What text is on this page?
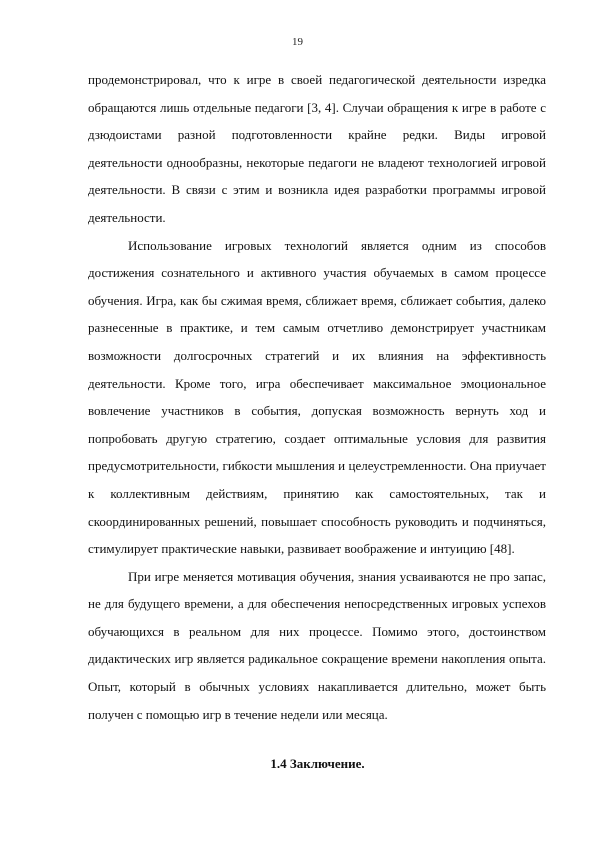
19

продемонстрировал, что к игре в своей педагогической деятельности изредка обращаются лишь отдельные педагоги [3, 4]. Случаи обращения к игре в работе с дзюдоистами разной подготовленности крайне редки. Виды игровой деятельности однообразны, некоторые педагоги не владеют технологией игровой деятельности. В связи с этим и возникла идея разработки программы игровой деятельности.

Использование игровых технологий является одним из способов достижения сознательного и активного участия обучаемых в самом процессе обучения. Игра, как бы сжимая время, сближает время, сближает события, далеко разнесенные в практике, и тем самым отчетливо демонстрирует участникам возможности долгосрочных стратегий и их влияния на эффективность деятельности. Кроме того, игра обеспечивает максимальное эмоциональное вовлечение участников в события, допуская возможность вернуть ход и попробовать другую стратегию, создает оптимальные условия для развития предусмотрительности, гибкости мышления и целеустремленности. Она приучает к коллективным действиям, принятию как самостоятельных, так и скоординированных решений, повышает способность руководить и подчиняться, стимулирует практические навыки, развивает воображение и интуицию [48].

При игре меняется мотивация обучения, знания усваиваются не про запас, не для будущего времени, а для обеспечения непосредственных игровых успехов обучающихся в реальном для них процессе. Помимо этого, достоинством дидактических игр является радикальное сокращение времени накопления опыта. Опыт, который в обычных условиях накапливается длительно, может быть получен с помощью игр в течение недели или месяца.

1.4 Заключение.
